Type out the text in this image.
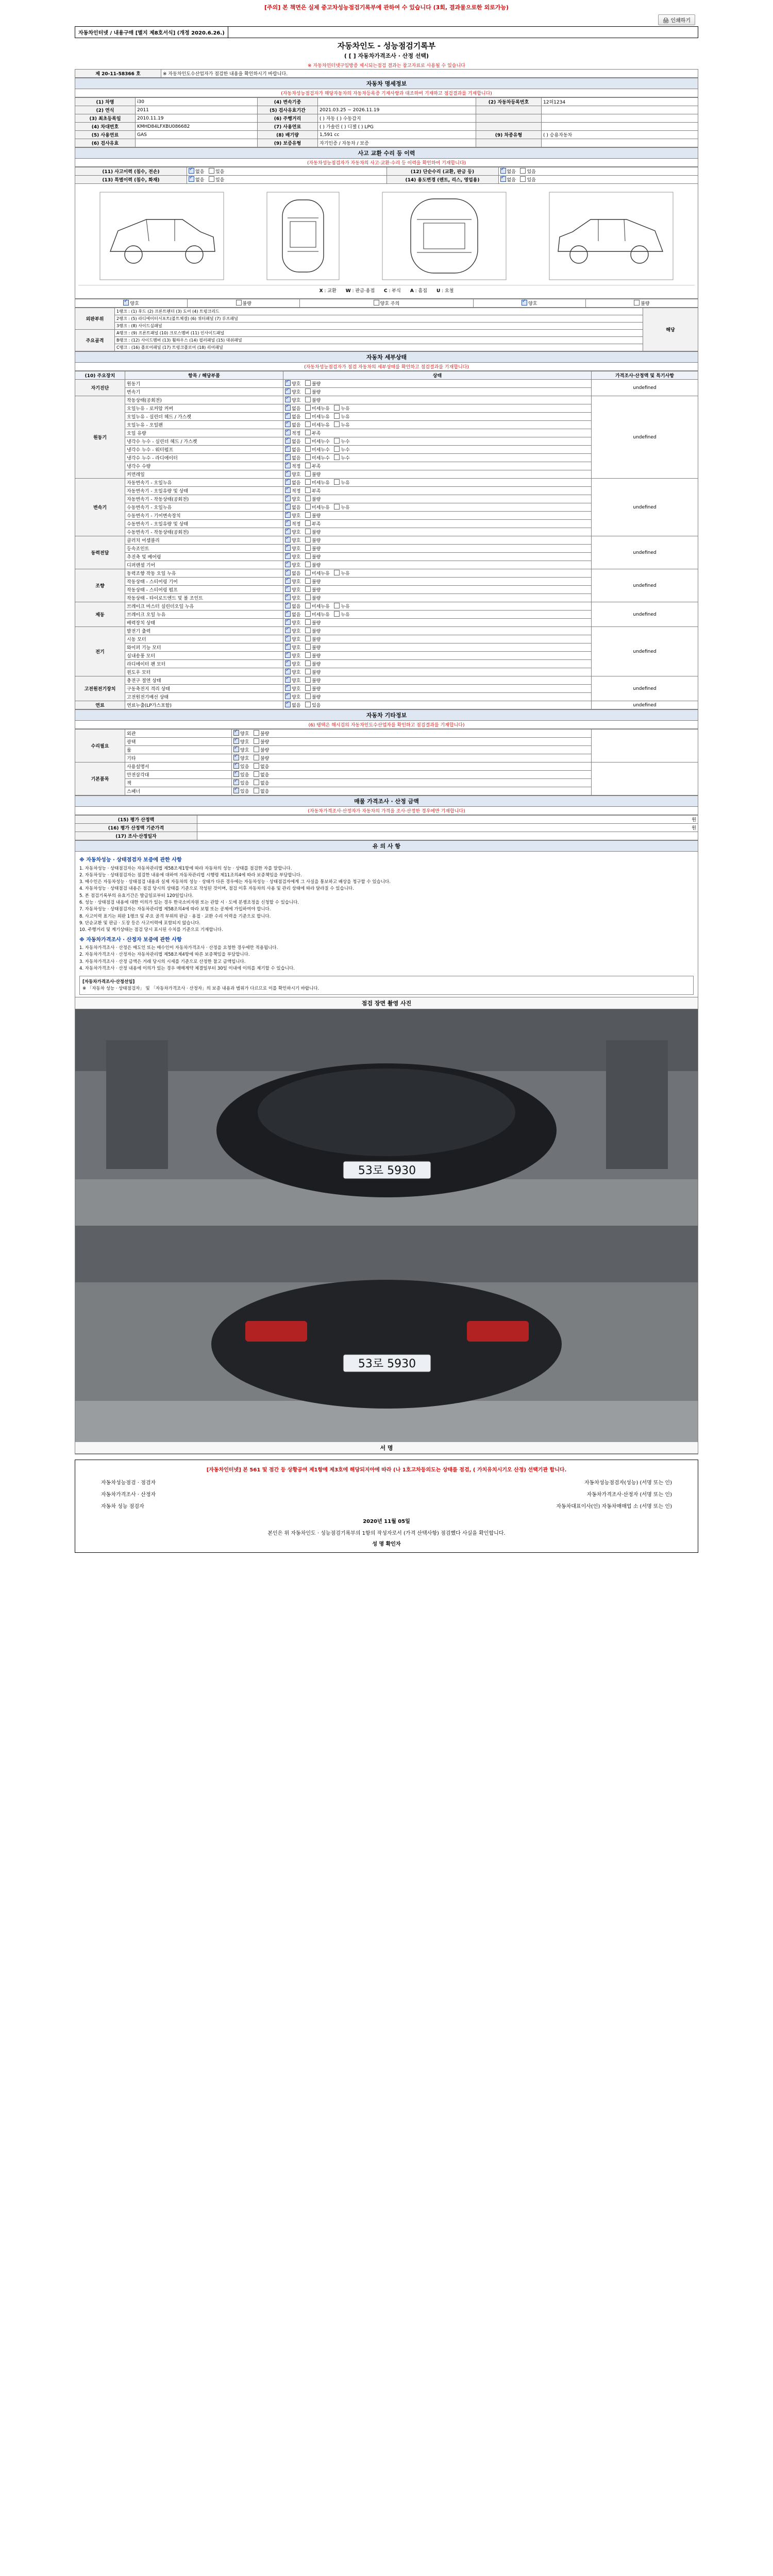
[주의] 본 책면은 실제 중고차성능점검기록부에 관하여 수 있습니다 (3회, 결과물으로한 외로가능)
🖨 인쇄하기
자동차인터넷 / 내용구매 [별지 제8호서식] (개정 2020.6.26.)
자동차인도 - 성능점검기록부
( [ ] 자동차가격조사 · 산정 선택)
※ 자동차인터넷구입방증 제시되는점검 결과는 참고자료로 사용될 수 있습니다
제 20-11-58366 호	※ 자동차인도수산업자가 점검한 내용을 확인하시기 바랍니다.
자동차 명세정보
(자동차성능점검자가 해당자동차의 자동차등록증 기재사항과 대조하여 기재하고 점검결과를 기재합니다)
(1) 차명	i30	(4) 변속기종		(2) 자동차등록번호	12허1234
(2) 연식	2011	(5) 검사유효기간	2021.03.25 ~ 2026.11.19		
(3) 최초등록일	2010.11.19	(6) 주행거리	( ) 자동 ( ) 수동감지		
(4) 차대번호	KMHD84LFXBU086682	(7) 사용연료	( ) 가솔린 ( ) 디젤 ( ) LPG		
(5) 사용연료	GAS	(8) 배기량	1,591 cc	(9) 차종유형	( ) 승용자동차
(6) 검사유효		(9) 보증유형	자기인증 / 자동차 / 보증		
사고 교환 수리 등 이력
(자동차성능점검자가 자동차의 사고·교환·수리 등 이력을 확인하여 기재합니다)
(11) 사고이력 (침수, 전손)	✓없음   있음	(12) 단순수리 (교환, 판금 등)	✓없음   있음
(13) 특별이력 (침수, 화재)	✓없음   있음	(14) 용도변경 (렌트, 리스, 영업용)	✓없음   있음
X : 교환 W : 판금·용접 C : 부식 A : 흠집 U : 요철
✓양호	불량	양호 주의	✓양호	불량
외판부위	1랭크 : (1) 후드 (2) 프론트펜더 (3) 도어 (4) 트렁크리드	해당
	2랭크 : (5) 라디에이터서포트(볼트체결) (6) 쿼터패널 (7) 루프패널	
	3랭크 : (8) 사이드실패널	
주요골격	A랭크 : (9) 프론트패널 (10) 크로스멤버 (11) 인사이드패널	
	B랭크 : (12) 사이드멤버 (13) 휠하우스 (14) 필러패널 (15) 대쉬패널	
	C랭크 : (16) 플로어패널 (17) 트렁크플로어 (18) 리어패널	
자동차 세부상태
(자동차성능점검자가 점검 자동차의 세부상태를 확인하고 점검결과를 기재합니다)
(10) 주요장치	항목 / 해당부품	상태	가격조사·산정액 및 특기사항
자기진단	원동기	✓양호   불량	undefined
	변속기	✓양호   불량
원동기	작동상태(공회전)	✓양호   불량	undefined
	오일누유 - 로커암 커버	✓없음   미세누유   누유
	오일누유 - 실린더 헤드 / 가스켓	✓없음   미세누유   누유
	오일누유 - 오일팬	✓없음   미세누유   누유
	오일 유량	✓적정   부족
	냉각수 누수 - 실린더 헤드 / 가스켓	✓없음   미세누수   누수
	냉각수 누수 - 워터펌프	✓없음   미세누수   누수
	냉각수 누수 - 라디에이터	✓없음   미세누수   누수
	냉각수 수량	✓적정   부족
	커먼레일	✓양호   불량
변속기	자동변속기 - 오일누유	✓없음   미세누유   누유	undefined
	자동변속기 - 오일유량 및 상태	✓적정   부족
	자동변속기 - 작동상태(공회전)	✓양호   불량
	수동변속기 - 오일누유	✓없음   미세누유   누유
	수동변속기 - 기어변속장치	✓양호   불량
	수동변속기 - 오일유량 및 상태	✓적정   부족
	수동변속기 - 작동상태(공회전)	✓양호   불량
동력전달	클러치 어셈블리	✓양호   불량	undefined
	등속조인트	✓양호   불량
	추진축 및 베어링	✓양호   불량
	디퍼렌셜 기어	✓양호   불량
조향	동력조향 작동 오일 누유	✓없음   미세누유   누유	undefined
	작동상태 - 스티어링 기어	✓양호   불량
	작동상태 - 스티어링 펌프	✓양호   불량
	작동상태 - 타이로드엔드 및 볼 조인트	✓양호   불량
제동	브레이크 마스터 실린더오일 누유	✓없음   미세누유   누유	undefined
	브레이크 오일 누유	✓없음   미세누유   누유
	배력장치 상태	✓양호   불량
전기	발전기 출력	✓양호   불량	undefined
	시동 모터	✓양호   불량
	와이퍼 기능 모터	✓양호   불량
	실내송풍 모터	✓양호   불량
	라디에이터 팬 모터	✓양호   불량
	윈도우 모터	✓양호   불량
고전원전기장치	충전구 절연 상태	✓양호   불량	undefined
	구동축전지 격리 상태	✓양호   불량
	고전원전기배선 상태	✓양호   불량
연료	연료누출(LP가스포함)	✓없음   있음	undefined
자동차 기타정보
(6) 탱택은 해시검의 자동차인도수산업자를 확인하고 점검결과를 기재합니다)
수리필요	외관	✓양호   불량	
	광택	✓양호   불량
	룸	✓양호   불량
	기타	✓양호   불량
기본품목	사용설명서	✓있음   없음	
	안전삼각대	✓있음   없음
	잭	✓있음   없음
	스패너	✓있음   없음
매물 가격조사 · 산정 금액
(자동차가격조사·산정자가 자동차의 가격을 조사·산정한 경우에만 기재합니다)
(15) 평가 산정액	원
(16) 평가 산정액 기준가격	원
(17) 조사·산정일자	
유 의 사 항
※ 자동차성능 · 상태점검자 보증에 관한 사항

1. 자동차성능 · 상태점검자는 자동차관리법 제58조제1항에 따라 자동차의 성능 · 상태를 점검한 자를 말합니다.

2. 자동차성능 · 상태점검자는 점검한 내용에 대하여 자동차관리법 시행령 제11조의4에 따라 보증책임을 부담합니다.

3. 매수인은 자동차성능 · 상태점검 내용과 실제 자동차의 성능 · 상태가 다른 경우에는 자동차성능 · 상태점검자에게 그 사실을 통보하고 배상을 청구할 수 있습니다.

4. 자동차성능 · 상태점검 내용은 점검 당시의 상태를 기준으로 작성된 것이며, 점검 이후 자동차의 사용 및 관리 상태에 따라 달라질 수 있습니다.

5. 본 점검기록부의 유효기간은 발급일로부터 120일입니다.

6. 성능 · 상태점검 내용에 대한 이의가 있는 경우 한국소비자원 또는 관할 시 · 도에 분쟁조정을 신청할 수 있습니다.

7. 자동차성능 · 상태점검자는 자동차관리법 제58조의4에 따라 보험 또는 공제에 가입하여야 합니다.

8. 사고이력 표기는 외판 1랭크 및 주요 골격 부위의 판금 · 용접 · 교환 수리 이력을 기준으로 합니다.

9. 단순교환 및 판금 · 도장 등은 사고이력에 포함되지 않습니다.

10. 주행거리 및 계기상태는 점검 당시 표시된 수치를 기준으로 기재합니다.

※ 자동차가격조사 · 산정자 보증에 관한 사항

1. 자동차가격조사 · 산정은 매도인 또는 매수인이 자동차가격조사 · 산정을 요청한 경우에만 적용됩니다.

2. 자동차가격조사 · 산정자는 자동차관리법 제58조제4항에 따른 보증책임을 부담합니다.

3. 자동차가격조사 · 산정 금액은 거래 당시의 시세를 기준으로 산정한 참고 금액입니다.

4. 자동차가격조사 · 산정 내용에 이의가 있는 경우 매매계약 체결일부터 30일 이내에 이의를 제기할 수 있습니다.

[자동차가격조사·산정선임]
※ 「자동차 성능 · 상태점검자」 및 「자동차가격조사 · 산정자」의 보증 내용과 범위가 다르므로 이를 확인하시기 바랍니다.
점검 장면 촬영 사진
53로 5930
53로 5930
서 명
[자동차인터넷] 본 561 및 점간 등 상황공여 제1항에 제3호에 해당되지아에 따라 (나 1호고차등의도는 상태를 점검, ( 가치유치시기오 산정) 선택기관 합니다.
자동차성능점검 · 점검자	자동차성능점검자(성능) (서명 또는 인)
자동차가격조사 · 산정자	자동차가격조사·산정자 (서명 또는 인)
자동차 성능 점검자	자동차대표이사(인) 자동차매매업 소 (서명 또는 인)
2020년 11월 05일
본인은 위 자동차인도 · 성능점검기록부의 1항의 작성자로서 (가격 산택사항) 점검했다 사실을 확인합니다.
성 명 확인자
